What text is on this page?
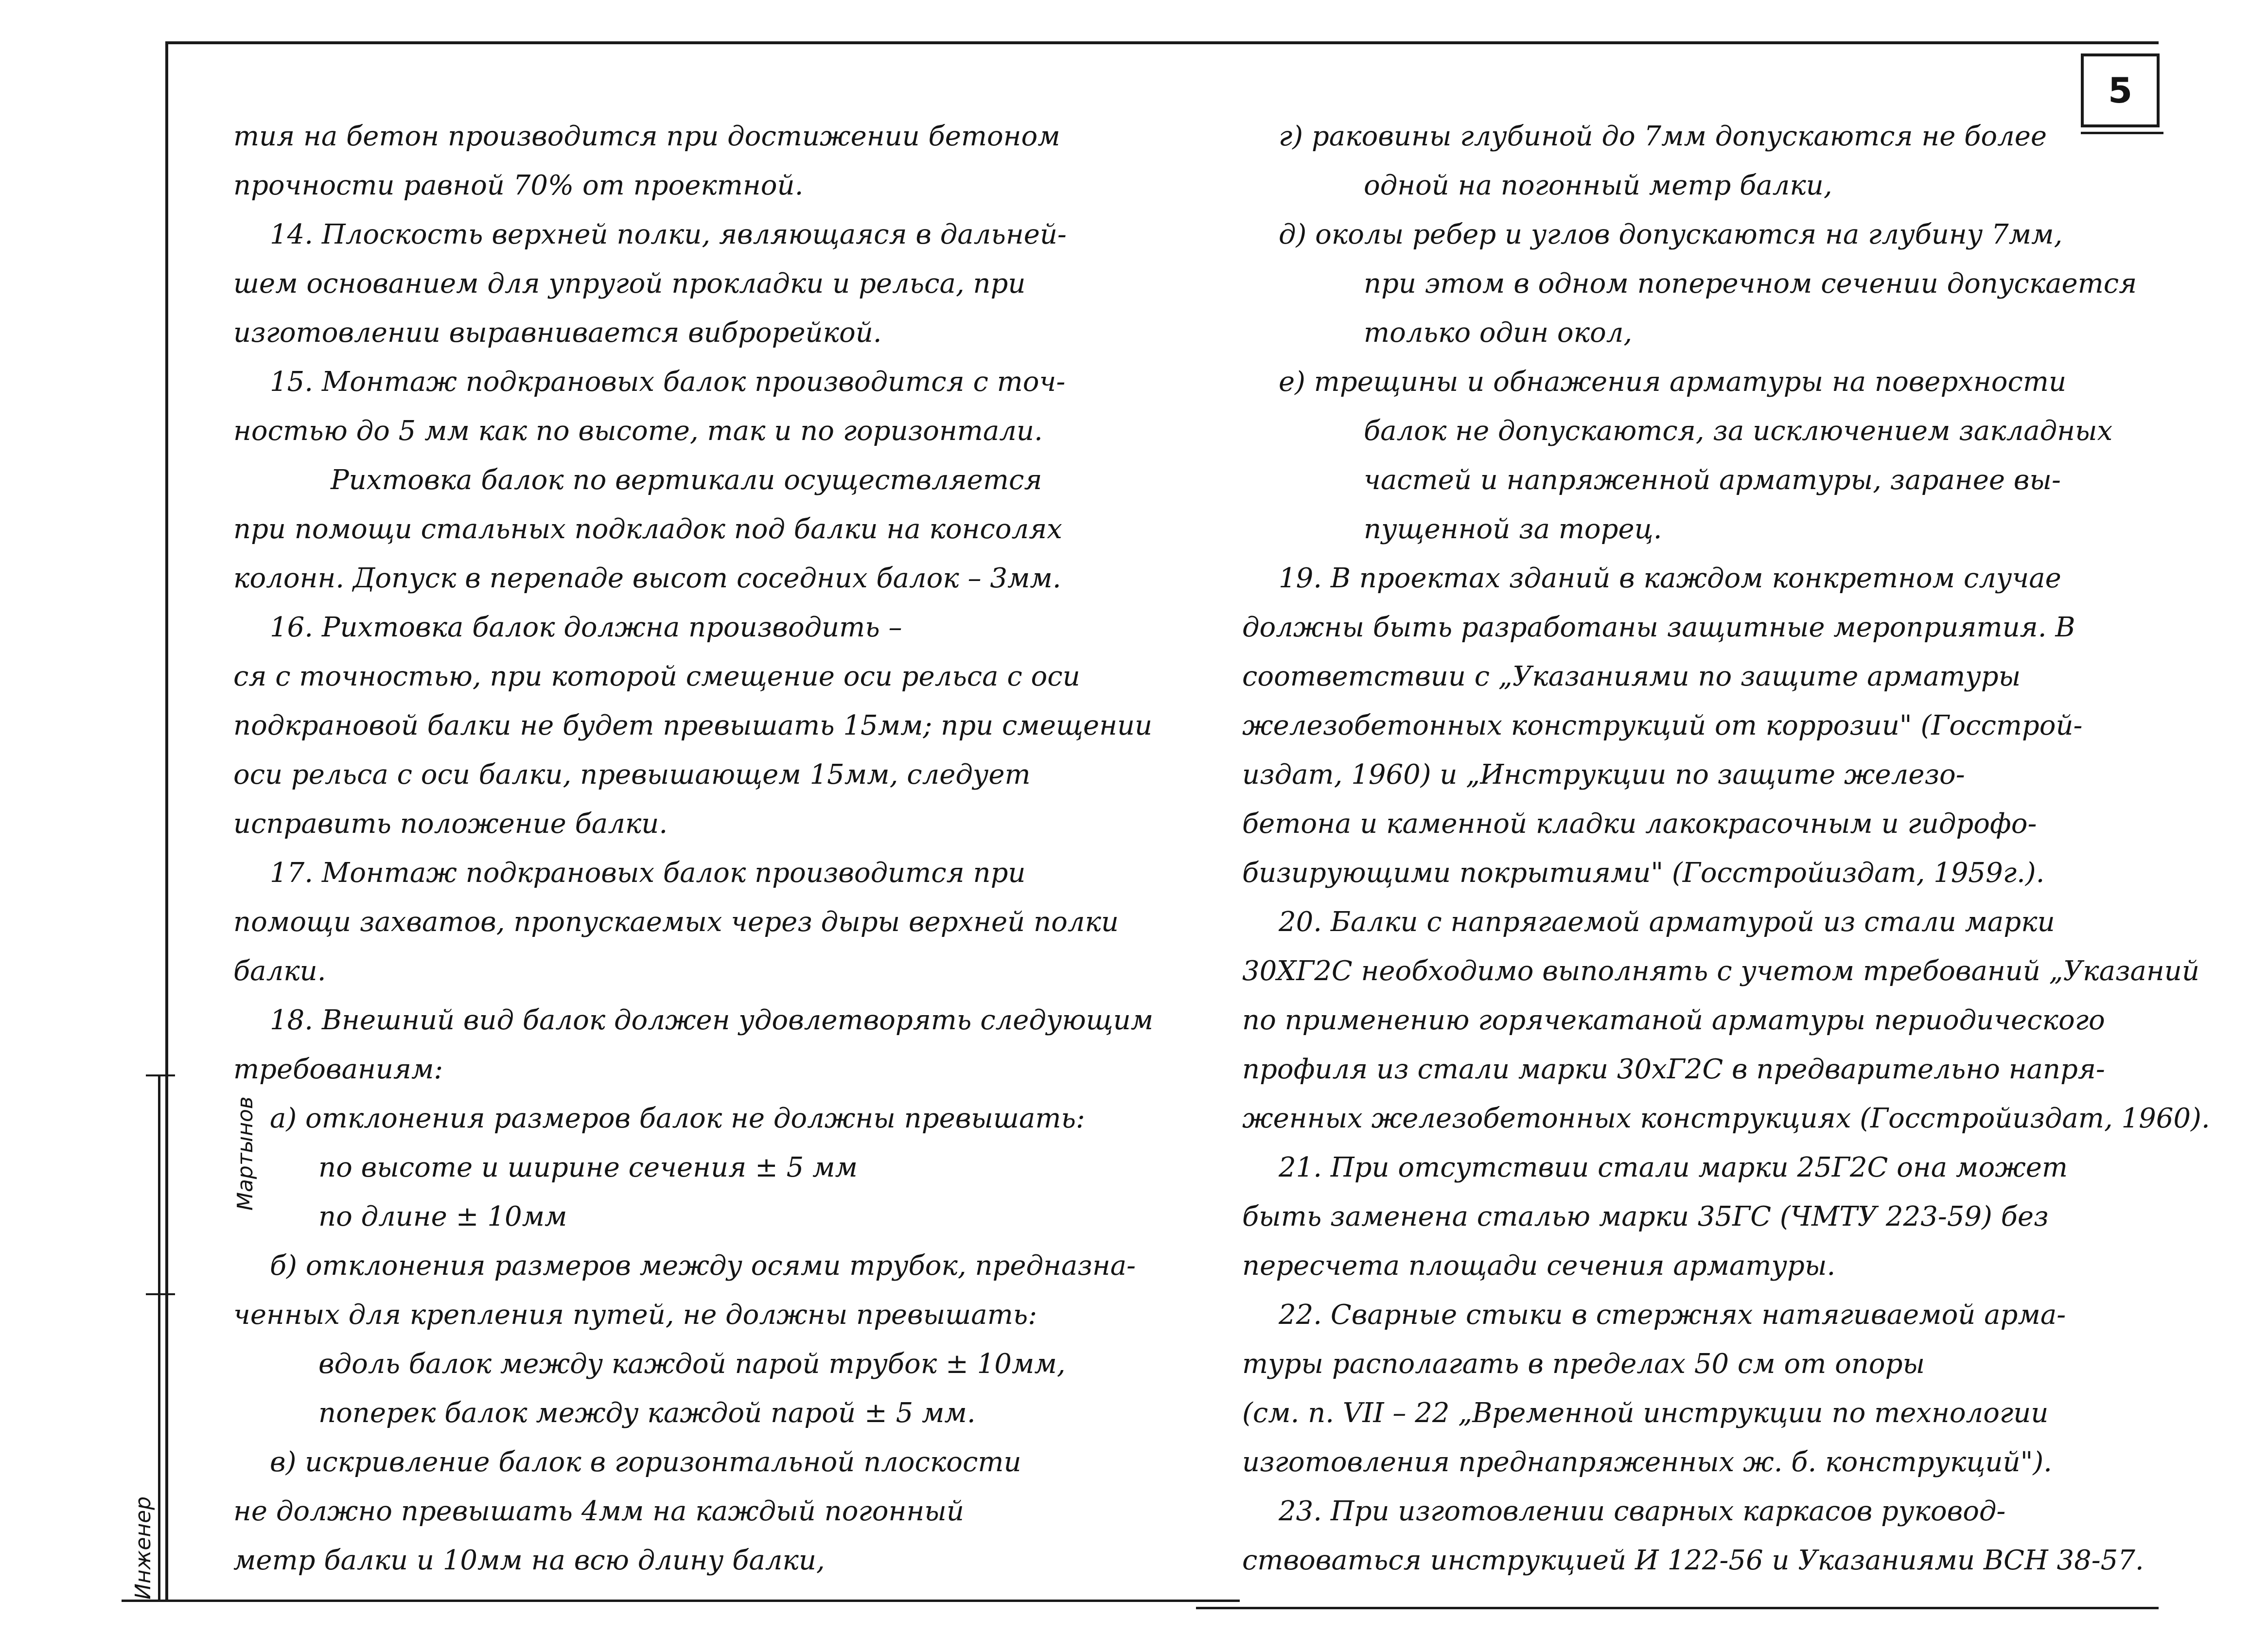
5
Инженер
Мартынов
тия на бетон производится при достижении бетоном
прочности равной 70% от проектной.
14. Плоскость верхней полки, являющаяся в дальней-
шем основанием для упругой прокладки и рельса, при
изготовлении выравнивается виброрейкой.
15. Монтаж подкрановых балок производится с точ-
ностью до 5 мм как по высоте, так и по горизонтали.
Рихтовка балок по вертикали осуществляется
при помощи стальных подкладок под балки на консолях
колонн. Допуск в перепаде высот соседних балок – 3мм.
16. Рихтовка балок должна производить –
ся с точностью, при которой смещение оси рельса с оси
подкрановой балки не будет превышать 15мм; при смещении
оси рельса с оси балки, превышающем 15мм, следует
исправить положение балки.
17. Монтаж подкрановых балок производится при
помощи захватов, пропускаемых через дыры верхней полки
балки.
18. Внешний вид балок должен удовлетворять следующим
требованиям:
а) отклонения размеров балок не должны превышать:
по высоте и ширине сечения ± 5 мм
по длине ± 10мм
б) отклонения размеров между осями трубок, предназна-
ченных для крепления путей, не должны превышать:
вдоль балок между каждой парой трубок ± 10мм,
поперек балок между каждой парой ± 5 мм.
в) искривление балок в горизонтальной плоскости
не должно превышать 4мм на каждый погонный
метр балки и 10мм на всю длину балки,
г) раковины глубиной до 7мм допускаются не более
одной на погонный метр балки,
д) околы ребер и углов допускаются на глубину 7мм,
при этом в одном поперечном сечении допускается
только один окол,
е) трещины и обнажения арматуры на поверхности
балок не допускаются, за исключением закладных
частей и напряженной арматуры, заранее вы-
пущенной за торец.
19. В проектах зданий в каждом конкретном случае
должны быть разработаны защитные мероприятия. В
соответствии с „Указаниями по защите арматуры
железобетонных конструкций от коррозии" (Госстрой-
издат, 1960) и „Инструкции по защите железо-
бетона и каменной кладки лакокрасочным и гидрофо-
бизирующими покрытиями" (Госстройиздат, 1959г.).
20. Балки с напрягаемой арматурой из стали марки
30ХГ2С необходимо выполнять с учетом требований „Указаний
по применению горячекатаной арматуры периодического
профиля из стали марки 30хГ2С в предварительно напря-
женных железобетонных конструкциях (Госстройиздат, 1960).
21. При отсутствии стали марки 25Г2С она может
быть заменена сталью марки 35ГС (ЧМТУ 223-59) без
пересчета площади сечения арматуры.
22. Сварные стыки в стержнях натягиваемой арма-
туры располагать в пределах 50 см от опоры
(см. п. VII – 22 „Временной инструкции по технологии
изготовления преднапряженных ж. б. конструкций").
23. При изготовлении сварных каркасов руковод-
ствоваться инструкцией И 122-56 и Указаниями ВСН 38-57.
